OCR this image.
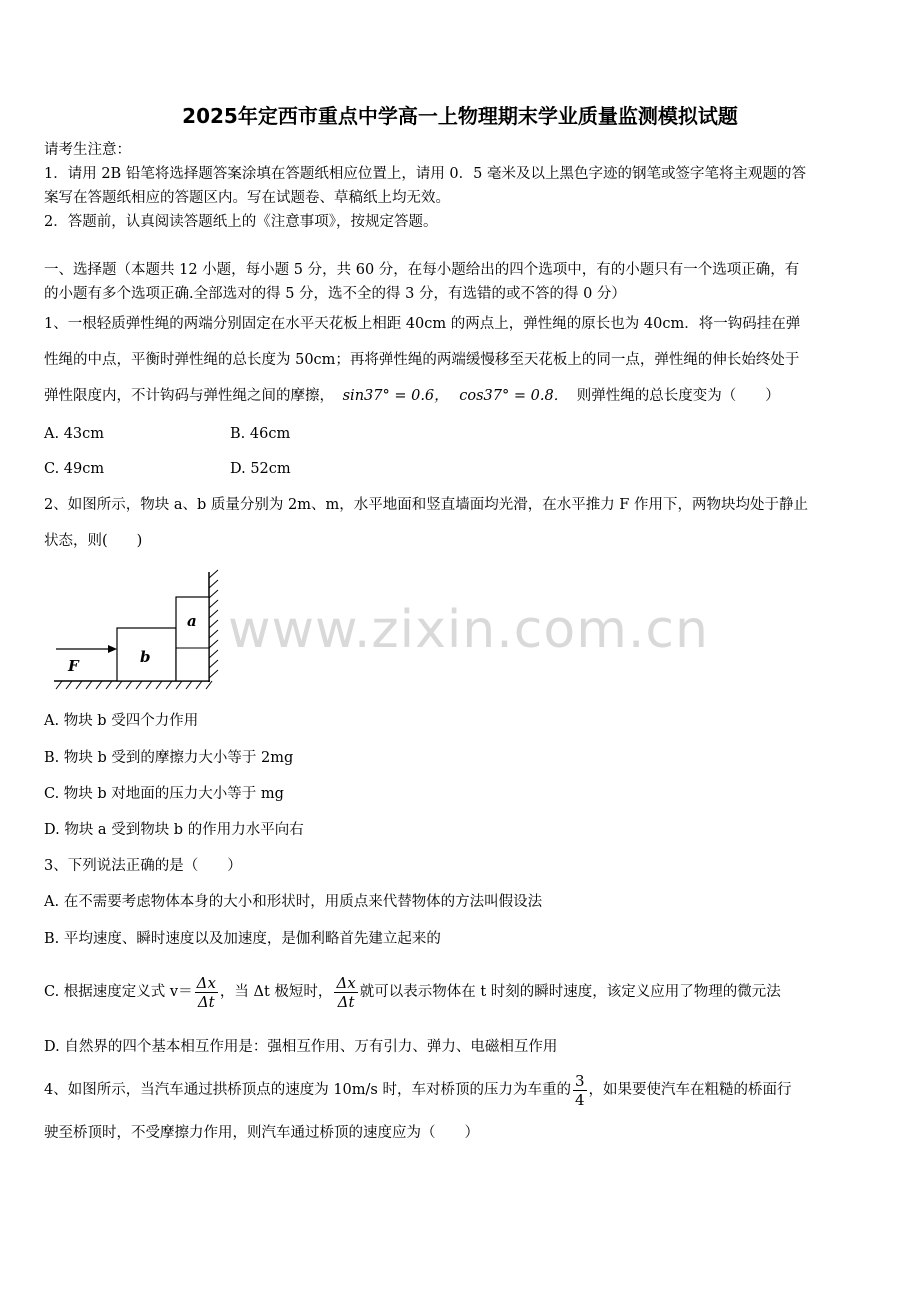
2025年定西市重点中学高一上物理期末学业质量监测模拟试题
请考生注意：
1．请用 2B 铅笔将选择题答案涂填在答题纸相应位置上，请用 0．5 毫米及以上黑色字迹的钢笔或签字笔将主观题的答
案写在答题纸相应的答题区内。写在试题卷、草稿纸上均无效。
2．答题前，认真阅读答题纸上的《注意事项》，按规定答题。
一、选择题（本题共 12 小题，每小题 5 分，共 60 分，在每小题给出的四个选项中，有的小题只有一个选项正确，有
的小题有多个选项正确.全部选对的得 5 分，选不全的得 3 分，有选错的或不答的得 0 分）
1、一根轻质弹性绳的两端分别固定在水平天花板上相距 40cm 的两点上，弹性绳的原长也为 40cm．将一钩码挂在弹
性绳的中点，平衡时弹性绳的总长度为 50cm；再将弹性绳的两端缓慢移至天花板上的同一点，弹性绳的伸长始终处于
弹性限度内，不计钩码与弹性绳之间的摩擦， sin37° = 0.6， cos37° = 0.8． 则弹性绳的总长度变为（　　）
A. 43cm	B. 46cm
C. 49cm	D. 52cm
2、如图所示，物块 a、b 质量分别为 2m、m，水平地面和竖直墙面均光滑，在水平推力 F 作用下，两物块均处于静止
状态，则(　　)
b
a
F
www.zixin.com.cn
A. 物块 b 受四个力作用
B. 物块 b 受到的摩擦力大小等于 2mg
C. 物块 b 对地面的压力大小等于 mg
D. 物块 a 受到物块 b 的作用力水平向右
3、下列说法正确的是（　　）
A. 在不需要考虑物体本身的大小和形状时，用质点来代替物体的方法叫假设法
B. 平均速度、瞬时速度以及加速度，是伽利略首先建立起来的
C. 根据速度定义式 $v= \frac{\Delta x}{\Delta t}$ ，当 Δt 极短时， $\frac{\Delta x}{\Delta t}$ 就可以表示物体在 t 时刻的瞬时速度，该定义应用了物理的微元法
D. 自然界的四个基本相互作用是：强相互作用、万有引力、弹力、电磁相互作用
4、如图所示，当汽车通过拱桥顶点的速度为 10m/s 时，车对桥顶的压力为车重的 $\frac{3}{4}$ ，如果要使汽车在粗糙的桥面行
驶至桥顶时，不受摩擦力作用，则汽车通过桥顶的速度应为（　　）
